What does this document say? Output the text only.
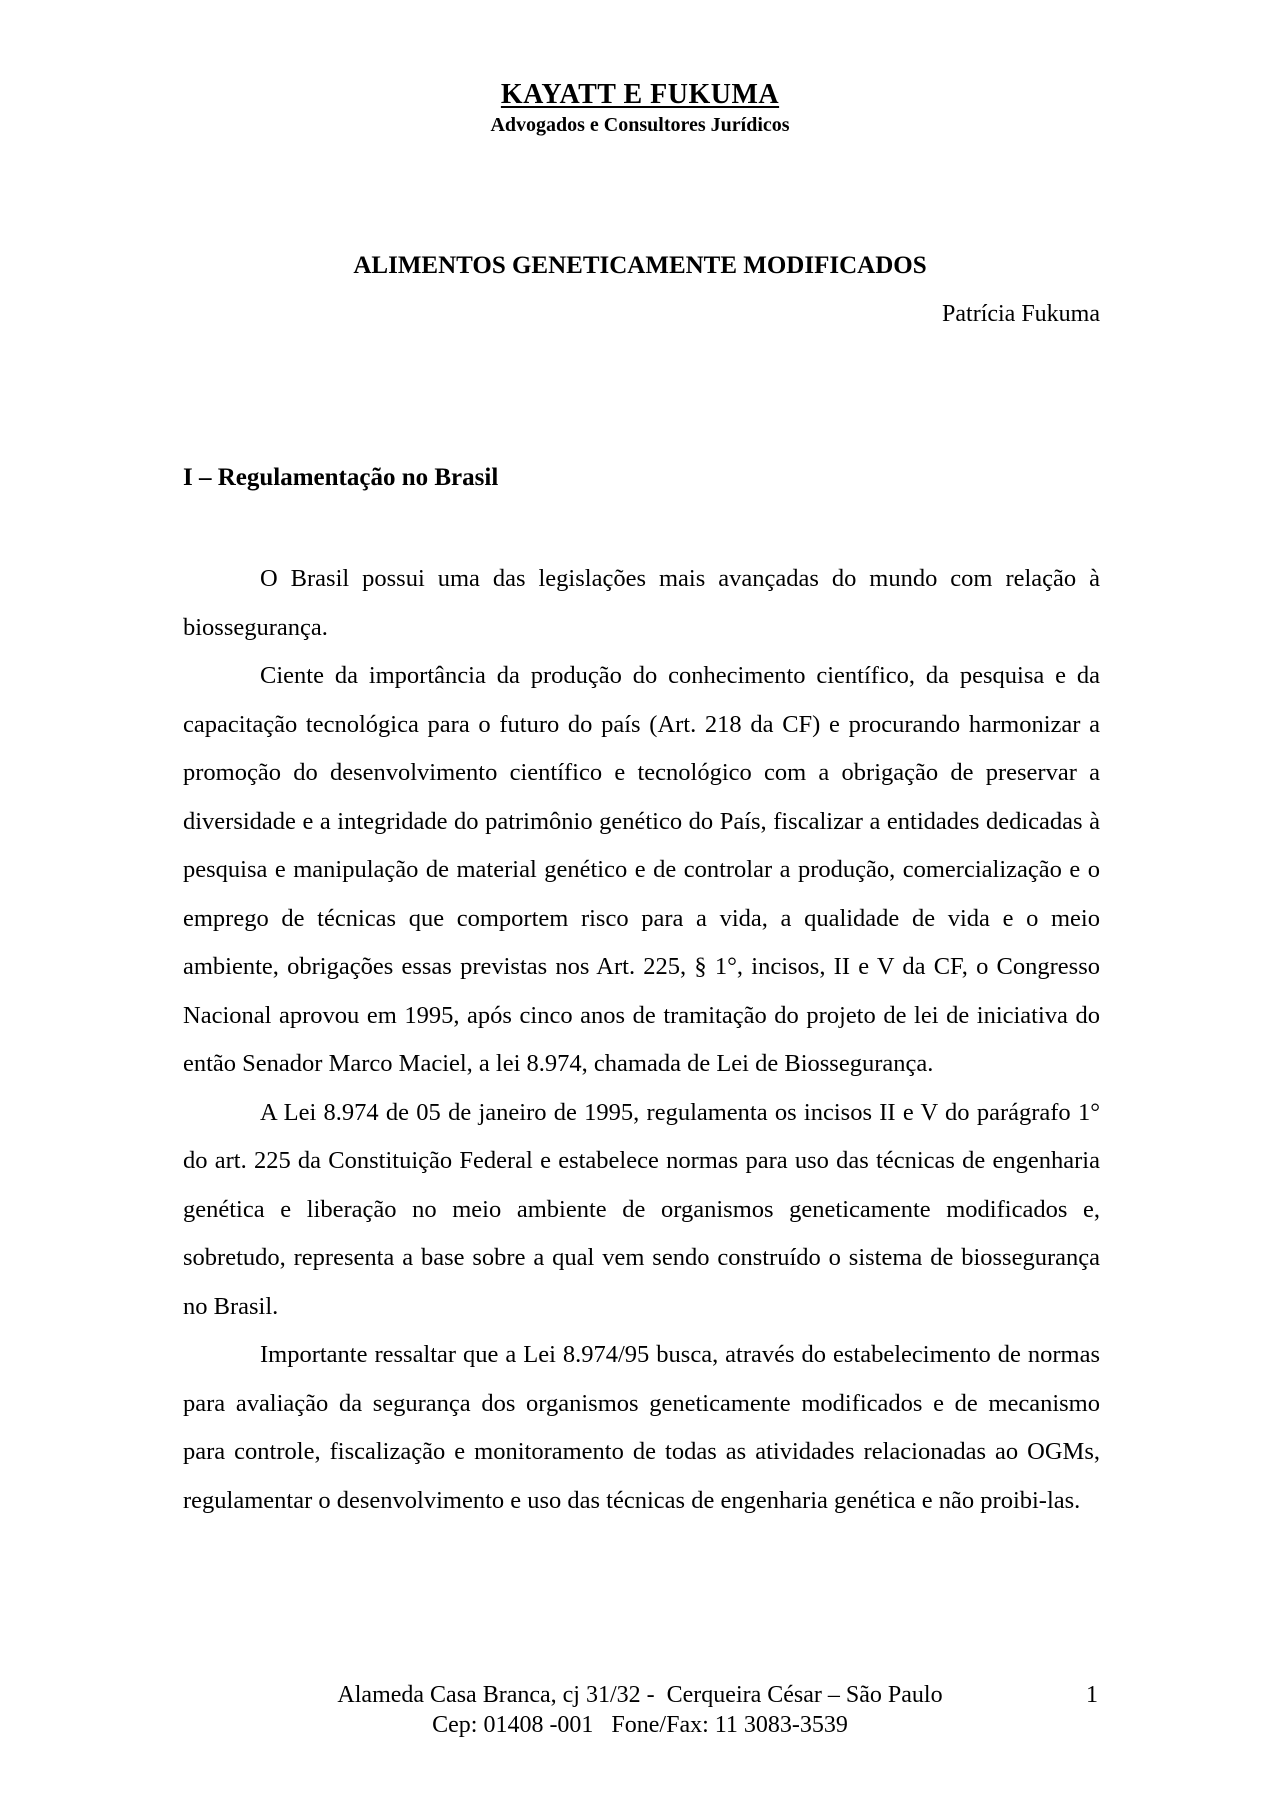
KAYATT E FUKUMA
Advogados e Consultores Jurídicos
ALIMENTOS GENETICAMENTE MODIFICADOS
Patrícia Fukuma
I – Regulamentação no Brasil

O Brasil possui uma das legislações mais avançadas do mundo com relação à biossegurança.

Ciente da importância da produção do conhecimento científico, da pesquisa e da capacitação tecnológica para o futuro do país (Art. 218 da CF) e procurando harmonizar a promoção do desenvolvimento científico e tecnológico com a obrigação de preservar a diversidade e a integridade do patrimônio genético do País, fiscalizar a entidades dedicadas à pesquisa e manipulação de material genético e de controlar a produção, comercialização e o emprego de técnicas que comportem risco para a vida, a qualidade de vida e o meio ambiente, obrigações essas previstas nos Art. 225, § 1°, incisos, II e V da CF, o Congresso Nacional aprovou em 1995, após cinco anos de tramitação do projeto de lei de iniciativa do então Senador Marco Maciel, a lei 8.974, chamada de Lei de Biossegurança.

A Lei 8.974 de 05 de janeiro de 1995, regulamenta os incisos II e V do parágrafo 1° do art. 225 da Constituição Federal e estabelece normas para uso das técnicas de engenharia genética e liberação no meio ambiente de organismos geneticamente modificados e, sobretudo, representa a base sobre a qual vem sendo construído o sistema de biossegurança no Brasil.

Importante ressaltar que a Lei 8.974/95 busca, através do estabelecimento de normas para avaliação da segurança dos organismos geneticamente modificados e de mecanismo para controle, fiscalização e monitoramento de todas as atividades relacionadas ao OGMs, regulamentar o desenvolvimento e uso das técnicas de engenharia genética e não proibi-las.

Alameda Casa Branca, cj 31/32 -  Cerqueira César – São Paulo
Cep: 01408 -001   Fone/Fax: 11 3083-3539
1
